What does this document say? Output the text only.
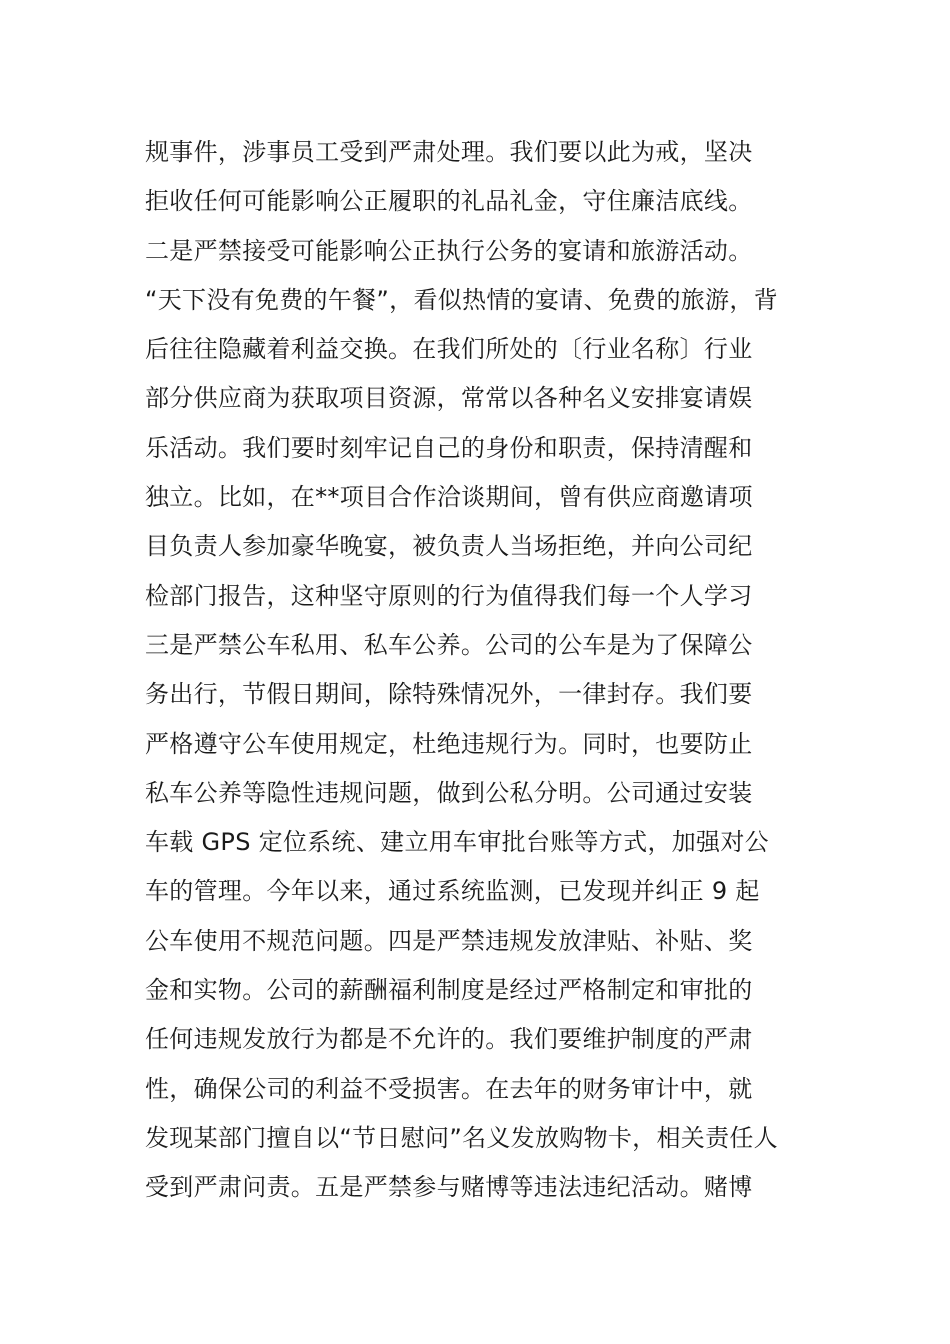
规事件，涉事员工受到严肃处理。我们要以此为戒，坚决
拒收任何可能影响公正履职的礼品礼金，守住廉洁底线。
二是严禁接受可能影响公正执行公务的宴请和旅游活动。
“天下没有免费的午餐”，看似热情的宴请、免费的旅游，背
后往往隐藏着利益交换。在我们所处的〔行业名称〕行业
部分供应商为获取项目资源，常常以各种名义安排宴请娱
乐活动。我们要时刻牢记自己的身份和职责，保持清醒和
独立。比如，在**项目合作洽谈期间，曾有供应商邀请项
目负责人参加豪华晚宴，被负责人当场拒绝，并向公司纪
检部门报告，这种坚守原则的行为值得我们每一个人学习
三是严禁公车私用、私车公养。公司的公车是为了保障公
务出行，节假日期间，除特殊情况外，一律封存。我们要
严格遵守公车使用规定，杜绝违规行为。同时，也要防止
私车公养等隐性违规问题，做到公私分明。公司通过安装
车载 GPS 定位系统、建立用车审批台账等方式，加强对公
车的管理。今年以来，通过系统监测，已发现并纠正 9 起
公车使用不规范问题。四是严禁违规发放津贴、补贴、奖
金和实物。公司的薪酬福利制度是经过严格制定和审批的
任何违规发放行为都是不允许的。我们要维护制度的严肃
性，确保公司的利益不受损害。在去年的财务审计中，就
发现某部门擅自以“节日慰问”名义发放购物卡，相关责任人
受到严肃问责。五是严禁参与赌博等违法违纪活动。赌博
